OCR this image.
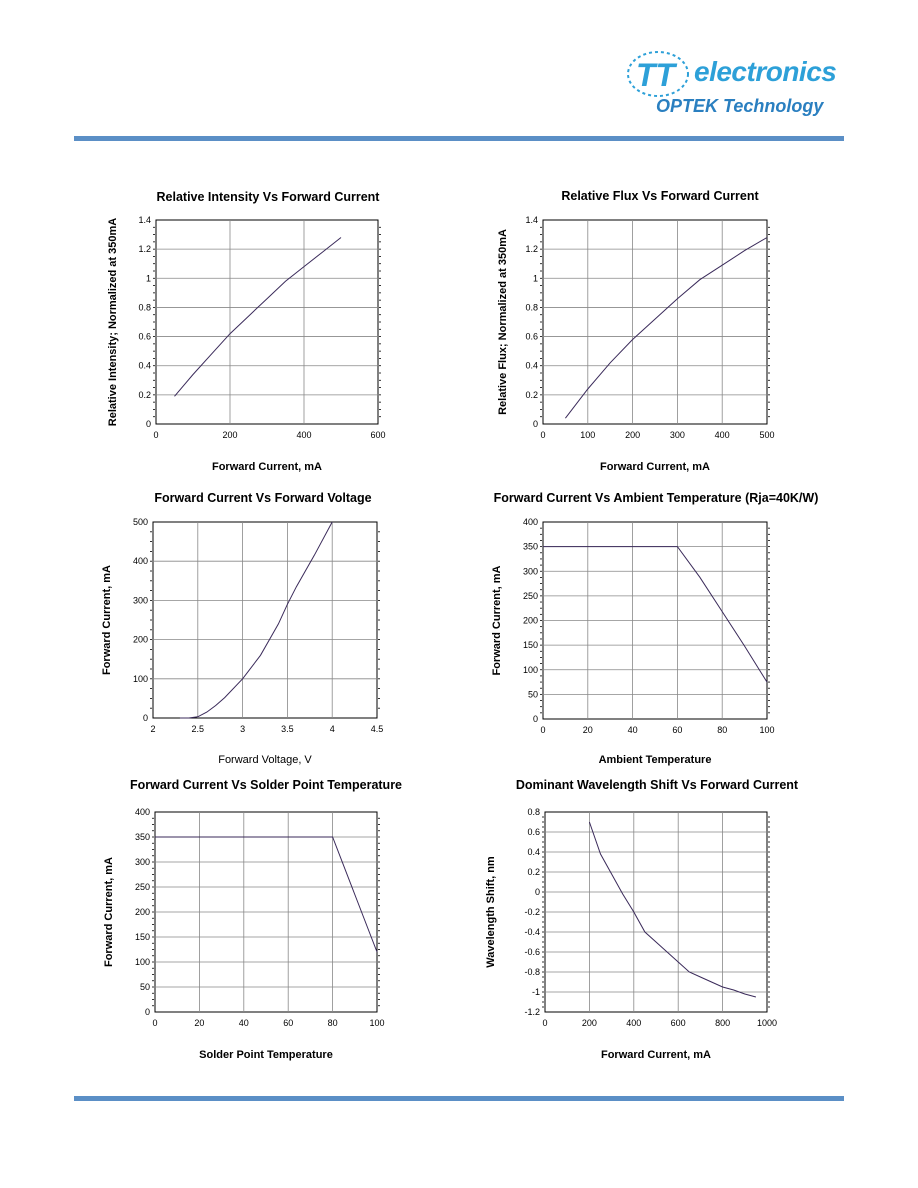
TT electronics
OPTEK Technology
0	200	400	600
0
0.2
0.4
0.6
0.8
1
1.2
1.4
Relative Intensity Vs Forward Current
Forward Current, mA
Relative Intensity; Normalized at 350mA
0	100	200	300	400	500
0
0.2
0.4
0.6
0.8
1
1.2
1.4
Relative Flux Vs Forward Current
Forward Current, mA
Relative Flux; Normalized at 350mA
2	2.5	3	3.5	4	4.5
0
100
200
300
400
500
Forward Current Vs Forward Voltage
Forward Voltage, V
Forward Current, mA
0	20	40	60	80	100
0
50
100
150
200
250
300
350
400
Forward Current Vs Ambient Temperature (Rja=40K/W)
Ambient Temperature
Forward Current, mA
0	20	40	60	80	100
0
50
100
150
200
250
300
350
400
Forward Current Vs Solder Point Temperature
Solder Point Temperature
Forward Current, mA
0	200	400	600	800	1000
-1.2
-1
-0.8
-0.6
-0.4
-0.2
0
0.2
0.4
0.6
0.8
Dominant Wavelength Shift Vs Forward Current
Forward Current, mA
Wavelength Shift, nm
